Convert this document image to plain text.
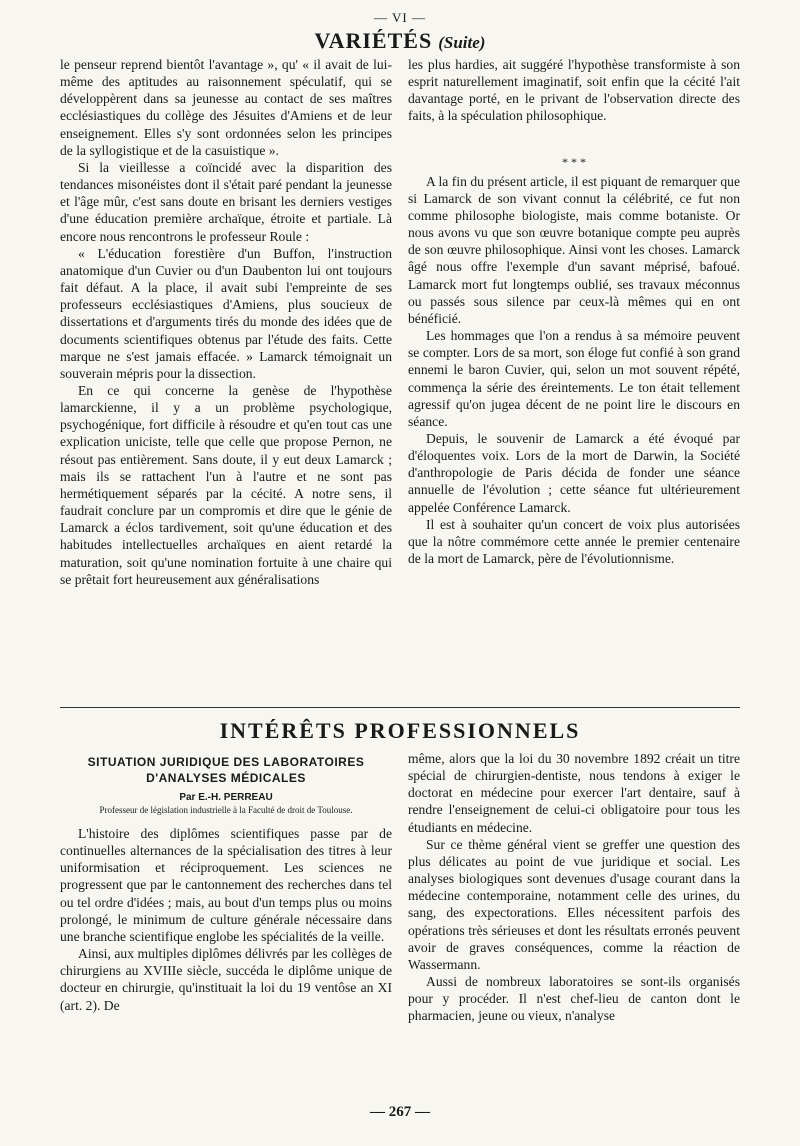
— VI —
VARIÉTÉS (Suite)

le penseur reprend bientôt l'avantage », qu' « il avait de lui-même des aptitudes au raisonnement spéculatif, qui se développèrent dans sa jeunesse au contact de ses maîtres ecclésiastiques du collège des Jésuites d'Amiens et de leur enseignement. Elles s'y sont ordonnées selon les principes de la syllogistique et de la casuistique ».

Si la vieillesse a coïncidé avec la disparition des tendances misonéistes dont il s'était paré pendant la jeunesse et l'âge mûr, c'est sans doute en brisant les derniers vestiges d'une éducation première archaïque, étroite et partiale. Là encore nous rencontrons le professeur Roule :

« L'éducation forestière d'un Buffon, l'instruction anatomique d'un Cuvier ou d'un Daubenton lui ont toujours fait défaut. A la place, il avait subi l'empreinte de ses professeurs ecclésiastiques d'Amiens, plus soucieux de dissertations et d'arguments tirés du monde des idées que de documents scientifiques obtenus par l'étude des faits. Cette marque ne s'est jamais effacée. » Lamarck témoignait un souverain mépris pour la dissection.

En ce qui concerne la genèse de l'hypothèse lamarckienne, il y a un problème psychologique, psychogénique, fort difficile à résoudre et qu'en tout cas une explication uniciste, telle que celle que propose Pernon, ne résout pas entièrement. Sans doute, il y eut deux Lamarck ; mais ils se rattachent l'un à l'autre et ne sont pas hermétiquement séparés par la cécité. A notre sens, il faudrait conclure par un compromis et dire que le génie de Lamarck a éclos tardivement, soit qu'une éducation et des habitudes intellectuelles archaïques en aient retardé la maturation, soit qu'une nomination fortuite à une chaire qui se prêtait fort heureusement aux généralisations

les plus hardies, ait suggéré l'hypothèse transformiste à son esprit naturellement imaginatif, soit enfin que la cécité l'ait davantage porté, en le privant de l'observation directe des faits, à la spéculation philosophique.

* * *

A la fin du présent article, il est piquant de remarquer que si Lamarck de son vivant connut la célébrité, ce fut non comme philosophe biologiste, mais comme botaniste. Or nous avons vu que son œuvre botanique compte peu auprès de son œuvre philosophique. Ainsi vont les choses. Lamarck âgé nous offre l'exemple d'un savant méprisé, bafoué. Lamarck mort fut longtemps oublié, ses travaux méconnus ou passés sous silence par ceux-là mêmes qui en ont bénéficié.

Les hommages que l'on a rendus à sa mémoire peuvent se compter. Lors de sa mort, son éloge fut confié à son grand ennemi le baron Cuvier, qui, selon un mot souvent répété, commença la série des éreintements. Le ton était tellement agressif qu'on jugea décent de ne point lire le discours en séance.

Depuis, le souvenir de Lamarck a été évoqué par d'éloquentes voix. Lors de la mort de Darwin, la Société d'anthropologie de Paris décida de fonder une séance annuelle de l'évolution ; cette séance fut ultérieurement appelée Conférence Lamarck.

Il est à souhaiter qu'un concert de voix plus autorisées que la nôtre commémore cette année le premier centenaire de la mort de Lamarck, père de l'évolutionnisme.

INTÉRÊTS PROFESSIONNELS
SITUATION JURIDIQUE DES LABORATOIRES
D'ANALYSES MÉDICALES
Par E.-H. PERREAU
Professeur de législation industrielle à la Faculté de droit de Toulouse.

L'histoire des diplômes scientifiques passe par de continuelles alternances de la spécialisation des titres à leur uniformisation et réciproquement. Les sciences ne progressent que par le cantonnement des recherches dans tel ou tel ordre d'idées ; mais, au bout d'un temps plus ou moins prolongé, le minimum de culture générale nécessaire dans une branche scientifique englobe les spécialités de la veille.

Ainsi, aux multiples diplômes délivrés par les collèges de chirurgiens au XVIIIe siècle, succéda le diplôme unique de docteur en chirurgie, qu'instituait la loi du 19 ventôse an XI (art. 2). De

même, alors que la loi du 30 novembre 1892 créait un titre spécial de chirurgien-dentiste, nous tendons à exiger le doctorat en médecine pour exercer l'art dentaire, sauf à rendre l'enseignement de celui-ci obligatoire pour tous les étudiants en médecine.

Sur ce thème général vient se greffer une question des plus délicates au point de vue juridique et social. Les analyses biologiques sont devenues d'usage courant dans la médecine contemporaine, notamment celle des urines, du sang, des expectorations. Elles nécessitent parfois des opérations très sérieuses et dont les résultats erronés peuvent avoir de graves conséquences, comme la réaction de Wassermann.

Aussi de nombreux laboratoires se sont-ils organisés pour y procéder. Il n'est chef-lieu de canton dont le pharmacien, jeune ou vieux, n'analyse

— 267 —
